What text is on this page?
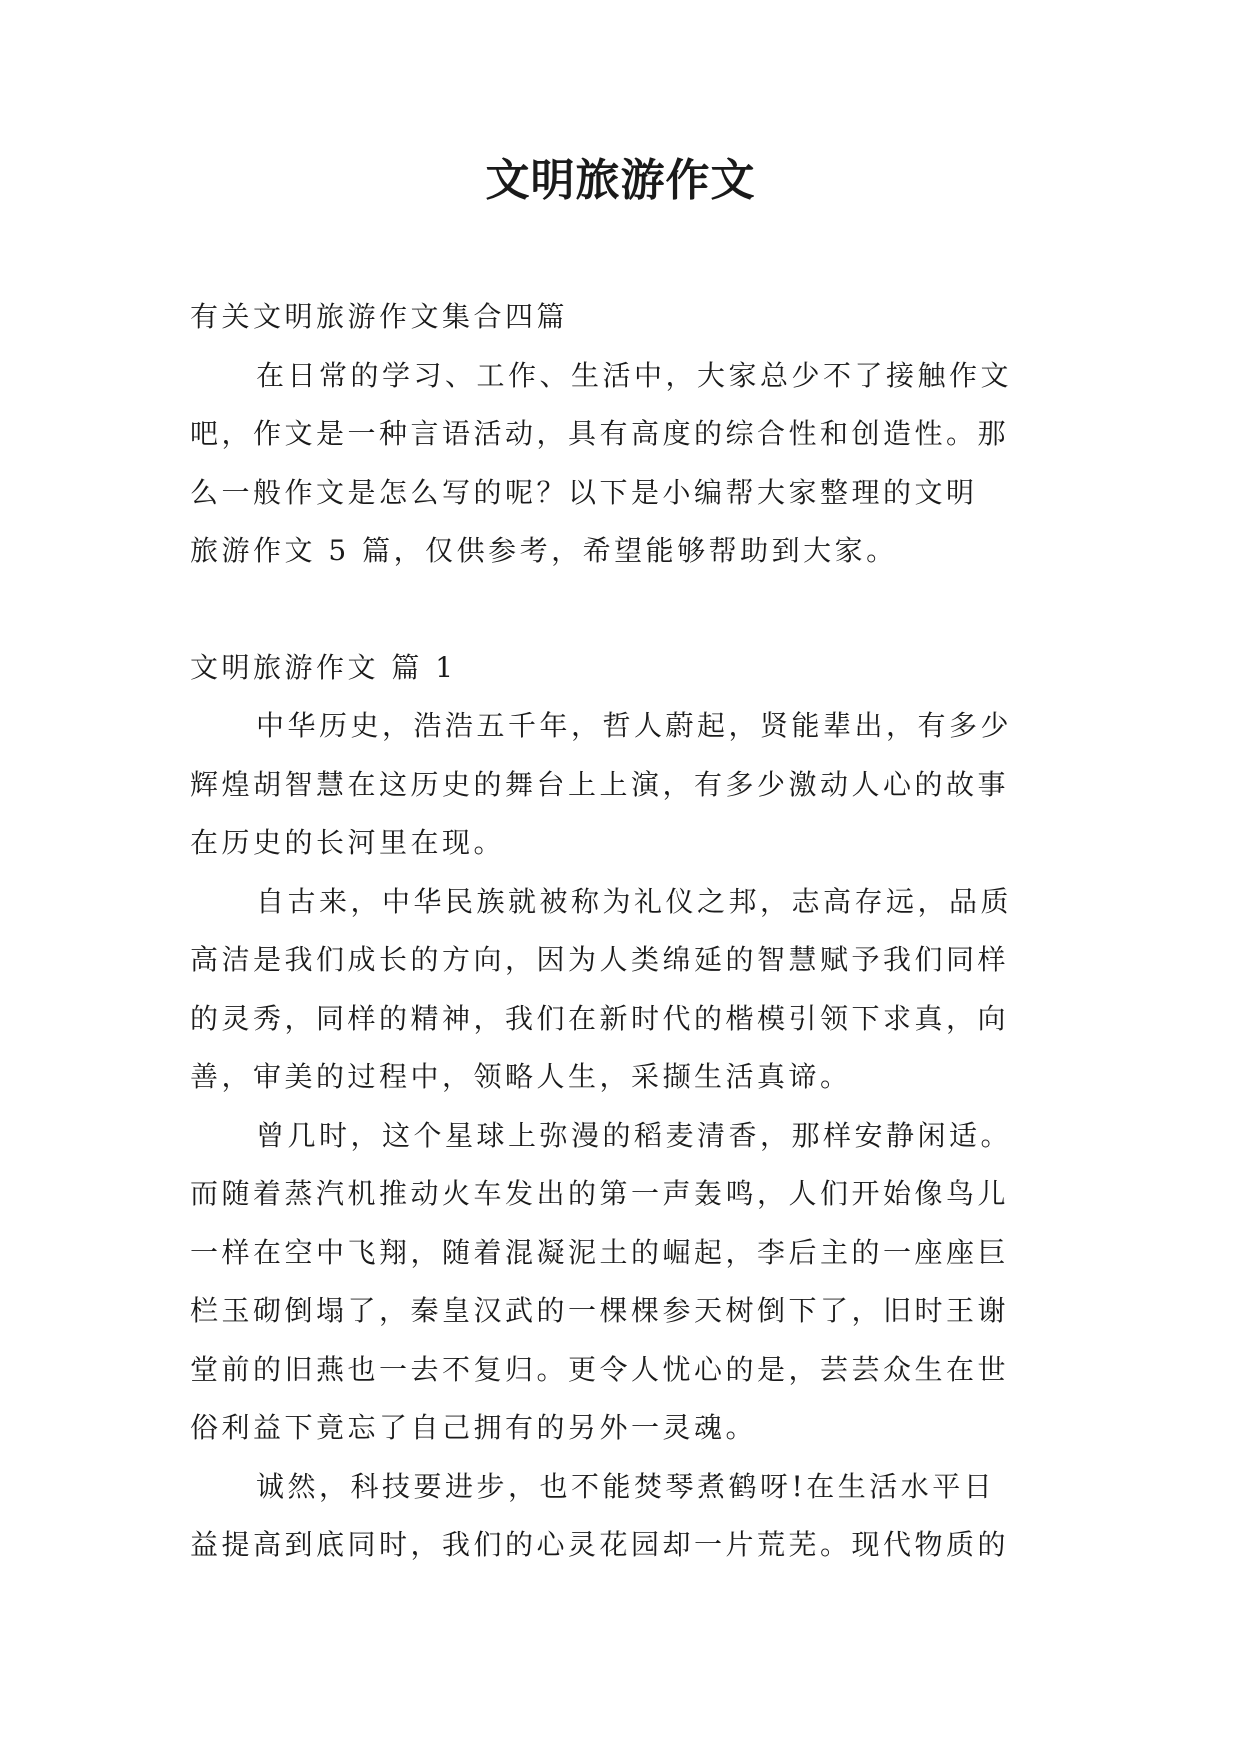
文明旅游作文

有关文明旅游作文集合四篇

在日常的学习、工作、生活中，大家总少不了接触作文

吧，作文是一种言语活动，具有高度的综合性和创造性。那

么一般作文是怎么写的呢？以下是小编帮大家整理的文明

旅游作文 5 篇，仅供参考，希望能够帮助到大家。

文明旅游作文 篇 1

中华历史，浩浩五千年，哲人蔚起，贤能辈出，有多少

辉煌胡智慧在这历史的舞台上上演，有多少激动人心的故事

在历史的长河里在现。

自古来，中华民族就被称为礼仪之邦，志高存远，品质

高洁是我们成长的方向，因为人类绵延的智慧赋予我们同样

的灵秀，同样的精神，我们在新时代的楷模引领下求真，向

善，审美的过程中，领略人生，采撷生活真谛。

曾几时，这个星球上弥漫的稻麦清香，那样安静闲适。

而随着蒸汽机推动火车发出的第一声轰鸣，人们开始像鸟儿

一样在空中飞翔，随着混凝泥土的崛起，李后主的一座座巨

栏玉砌倒塌了，秦皇汉武的一棵棵参天树倒下了，旧时王谢

堂前的旧燕也一去不复归。更令人忧心的是，芸芸众生在世

俗利益下竟忘了自己拥有的另外一灵魂。

诚然，科技要进步，也不能焚琴煮鹤呀!在生活水平日

益提高到底同时，我们的心灵花园却一片荒芜。现代物质的
